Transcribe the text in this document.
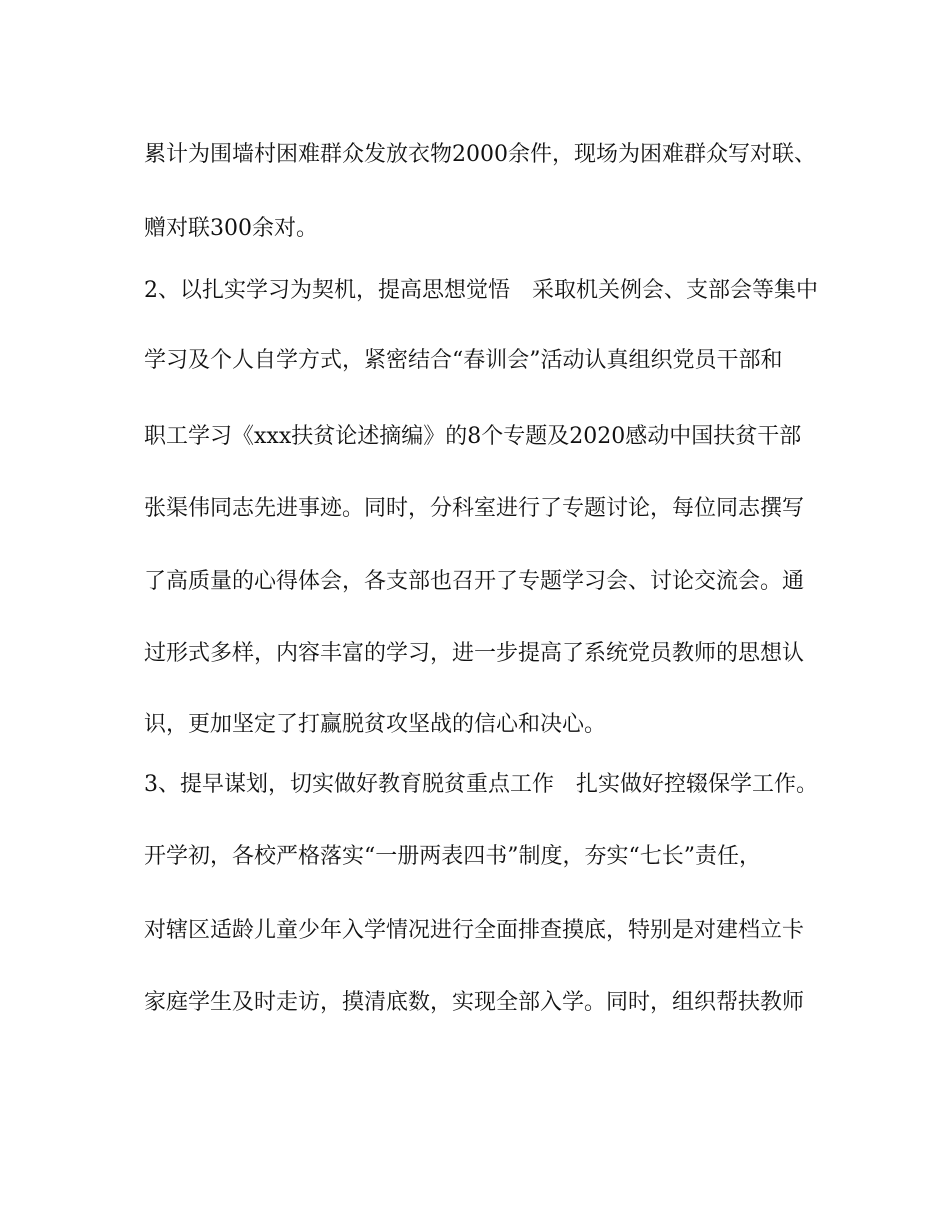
累计为围墙村困难群众发放衣物2000余件，现场为困难群众写对联、
赠对联300余对。
2、以扎实学习为契机，提高思想觉悟　采取机关例会、支部会等集中
学习及个人自学方式，紧密结合“春训会”活动认真组织党员干部和
职工学习《xxx扶贫论述摘编》的8个专题及2020感动中国扶贫干部
张渠伟同志先进事迹。同时，分科室进行了专题讨论，每位同志撰写
了高质量的心得体会，各支部也召开了专题学习会、讨论交流会。通
过形式多样，内容丰富的学习，进一步提高了系统党员教师的思想认
识，更加坚定了打赢脱贫攻坚战的信心和决心。
3、提早谋划，切实做好教育脱贫重点工作　扎实做好控辍保学工作。
开学初，各校严格落实“一册两表四书”制度，夯实“七长”责任，
对辖区适龄儿童少年入学情况进行全面排查摸底，特别是对建档立卡
家庭学生及时走访，摸清底数，实现全部入学。同时，组织帮扶教师
